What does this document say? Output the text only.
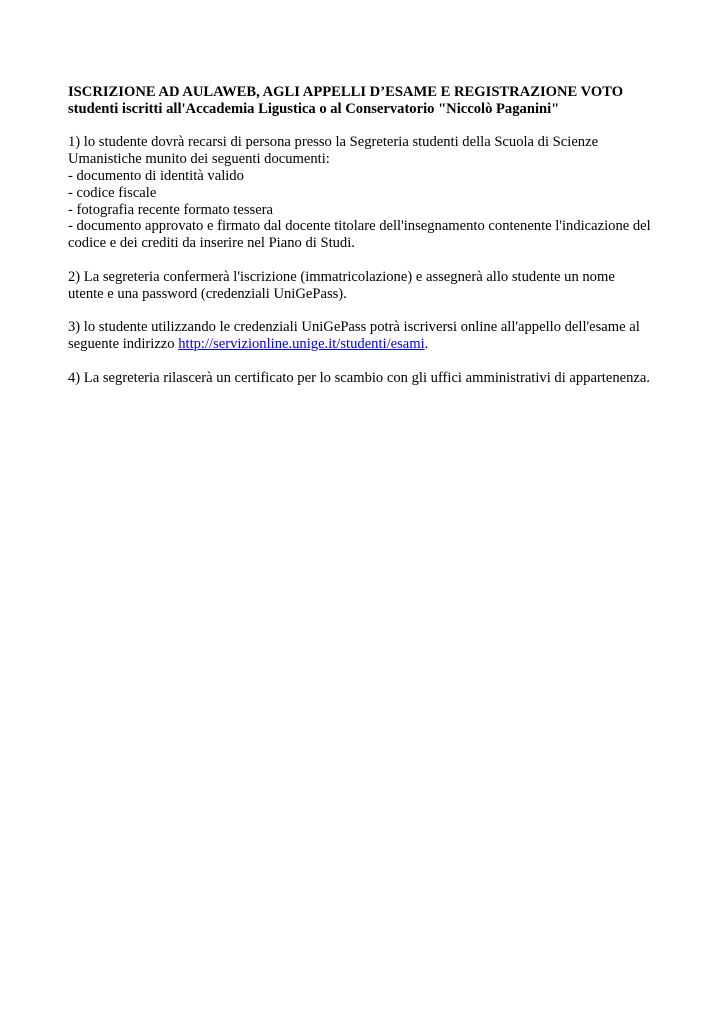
ISCRIZIONE AD AULAWEB, AGLI APPELLI D’ESAME E REGISTRAZIONE VOTO
studenti iscritti all'Accademia Ligustica o al Conservatorio "Niccolò Paganini"
1) lo studente dovrà recarsi di persona presso la Segreteria studenti della Scuola di Scienze
Umanistiche munito dei seguenti documenti:
- documento di identità valido
- codice fiscale
- fotografia recente formato tessera
- documento approvato e firmato dal docente titolare dell'insegnamento contenente l'indicazione del
codice e dei crediti da inserire nel Piano di Studi.
2) La segreteria confermerà l'iscrizione (immatricolazione) e assegnerà allo studente un nome
utente e una password (credenziali UniGePass).
3) lo studente utilizzando le credenziali UniGePass potrà iscriversi online all'appello dell'esame al
seguente indirizzo http://servizionline.unige.it/studenti/esami.
4) La segreteria rilascerà un certificato per lo scambio con gli uffici amministrativi di appartenenza.
